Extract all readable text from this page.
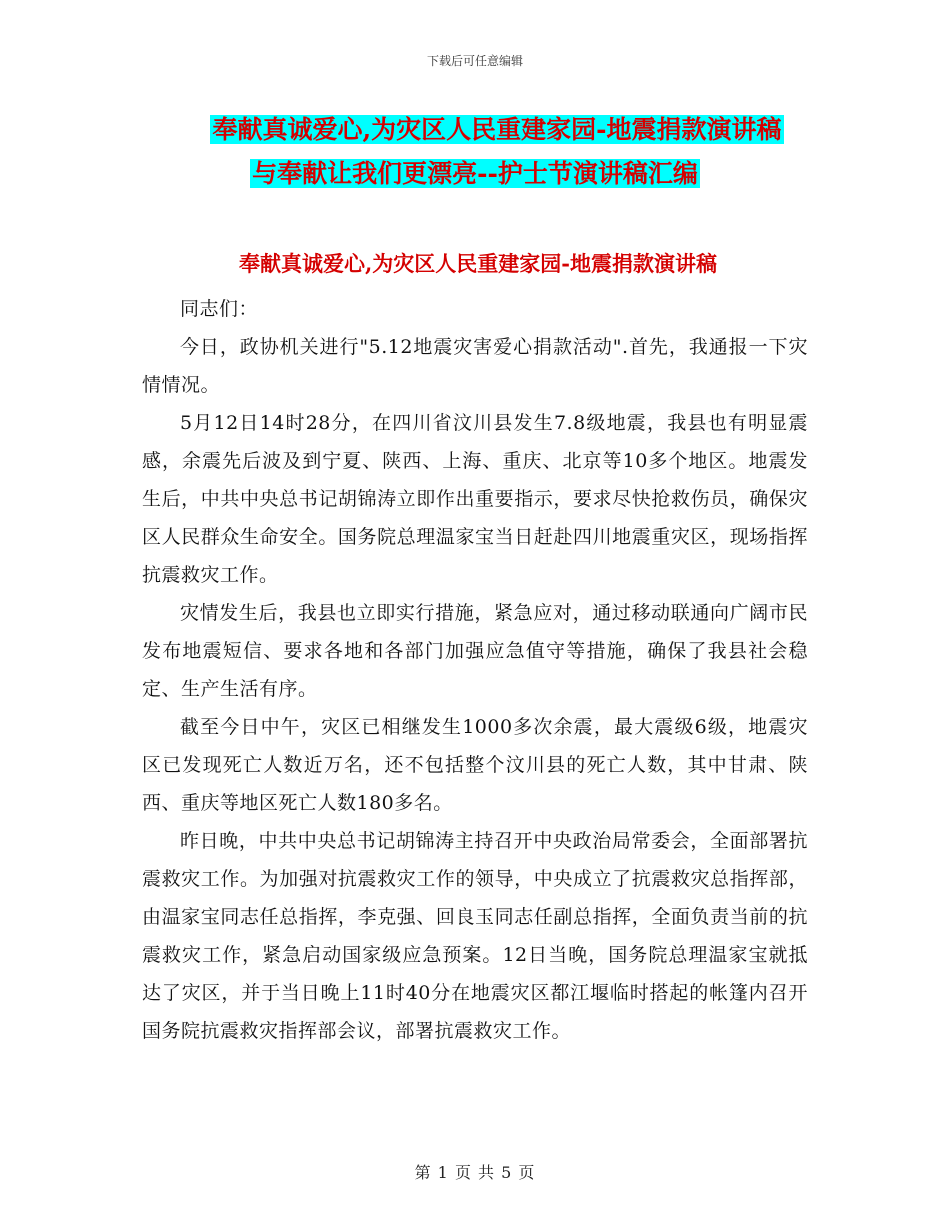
下载后可任意编辑
奉献真诚爱心,为灾区人民重建家园-地震捐款演讲稿
与奉献让我们更漂亮--护士节演讲稿汇编
奉献真诚爱心,为灾区人民重建家园-地震捐款演讲稿

同志们：

今日，政协机关进行"5.12地震灾害爱心捐款活动".首先，我通报一下灾情情况。

5月12日14时28分，在四川省汶川县发生7.8级地震，我县也有明显震感，余震先后波及到宁夏、陕西、上海、重庆、北京等10多个地区。地震发生后，中共中央总书记胡锦涛立即作出重要指示，要求尽快抢救伤员，确保灾区人民群众生命安全。国务院总理温家宝当日赶赴四川地震重灾区，现场指挥抗震救灾工作。

灾情发生后，我县也立即实行措施，紧急应对，通过移动联通向广阔市民发布地震短信、要求各地和各部门加强应急值守等措施，确保了我县社会稳定、生产生活有序。

截至今日中午，灾区已相继发生1000多次余震，最大震级6级，地震灾区已发现死亡人数近万名，还不包括整个汶川县的死亡人数，其中甘肃、陕西、重庆等地区死亡人数180多名。

昨日晚，中共中央总书记胡锦涛主持召开中央政治局常委会，全面部署抗震救灾工作。为加强对抗震救灾工作的领导，中央成立了抗震救灾总指挥部，由温家宝同志任总指挥，李克强、回良玉同志任副总指挥，全面负责当前的抗震救灾工作，紧急启动国家级应急预案。12日当晚，国务院总理温家宝就抵达了灾区，并于当日晚上11时40分在地震灾区都江堰临时搭起的帐篷内召开国务院抗震救灾指挥部会议，部署抗震救灾工作。

第 1 页 共 5 页
